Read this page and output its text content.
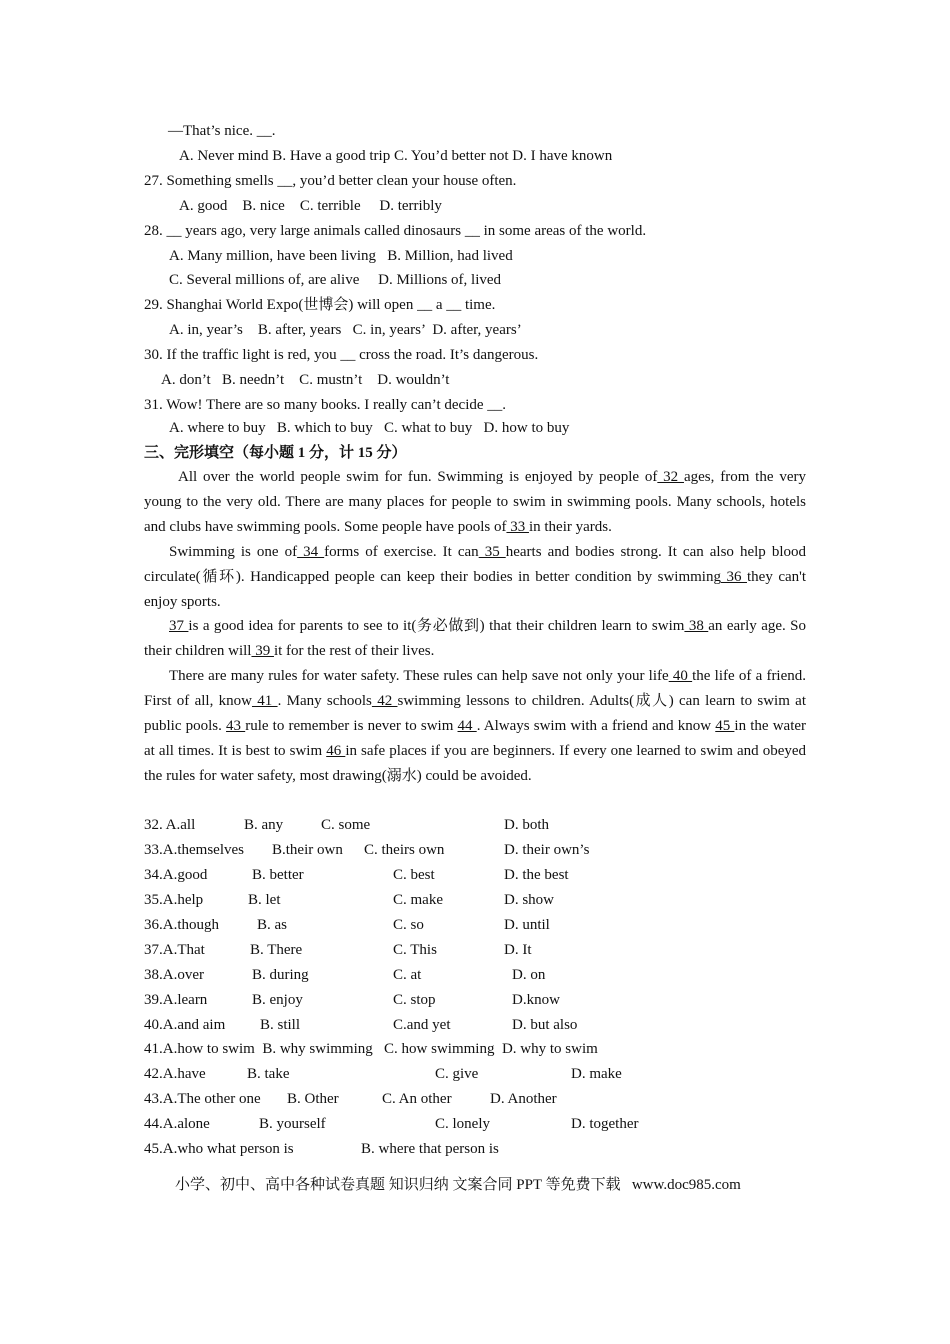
—That’s nice. __.
A. Never mind B. Have a good trip C. You’d better not D. I have known
27. Something smells __, you’d better clean your house often.
A. good    B. nice    C. terrible     D. terribly
28. __ years ago, very large animals called dinosaurs __ in some areas of the world.
A. Many million, have been living   B. Million, had lived
C. Several millions of, are alive     D. Millions of, lived
29. Shanghai World Expo(世博会) will open __ a __ time.
A. in, year’s    B. after, years   C. in, years’  D. after, years’
30. If the traffic light is red, you __ cross the road. It’s dangerous.
A. don’t   B. needn’t    C. mustn’t    D. wouldn’t
31. Wow! There are so many books. I really can’t decide __.
A. where to buy   B. which to buy   C. what to buy   D. how to buy
三、完形填空（每小题 1 分，计 15 分）

All over the world people swim for fun. Swimming is enjoyed by people of 32 ages, from the very young to the very old. There are many places for people to swim in swimming pools. Many schools, hotels and clubs have swimming pools. Some people have pools of 33 in their yards.

Swimming is one of 34 forms of exercise. It can 35 hearts and bodies strong. It can also help blood circulate(循环). Handicapped people can keep their bodies in better condition by swimming 36 they can't enjoy sports.

37 is a good idea for parents to see to it(务必做到) that their children learn to swim 38 an early age. So their children will 39 it for the rest of their lives.

There are many rules for water safety. These rules can help save not only your life 40 the life of a friend. First of all, know 41 . Many schools 42 swimming lessons to children. Adults(成人) can learn to swim at public pools. 43 rule to remember is never to swim 44 . Always swim with a friend and know 45 in the water at all times. It is best to swim 46 in safe places if you are beginners. If every one learned to swim and obeyed the rules for water safety, most drawing(溺水) could be avoided.

32. A.all	B. any	C. some	D. both
33.A.themselves B.their own C. theirs own	D. their own’s
34.A.good	B. better	C. best	D. the best
35.A.help	B. let	C. make	D. show
36.A.though	B. as	C. so	D. until
37.A.That	B. There	C. This	D. It
38.A.over	B. during	C. at	D. on
39.A.learn	B. enjoy	C. stop	D.know
40.A.and aim B. still	C.and yet	D. but also
41.A.how to swim  B. why swimming   C. how swimming  D. why to swim
42.A.have	B. take	C. give	D. make
43.A.The other one B. Other	C. An other	D. Another
44.A.alone	B. yourself	C. lonely	D. together
45.A.who what person is	B. where that person is
小学、初中、高中各种试卷真题 知识归纳 文案合同 PPT 等免费下载   www.doc985.com
